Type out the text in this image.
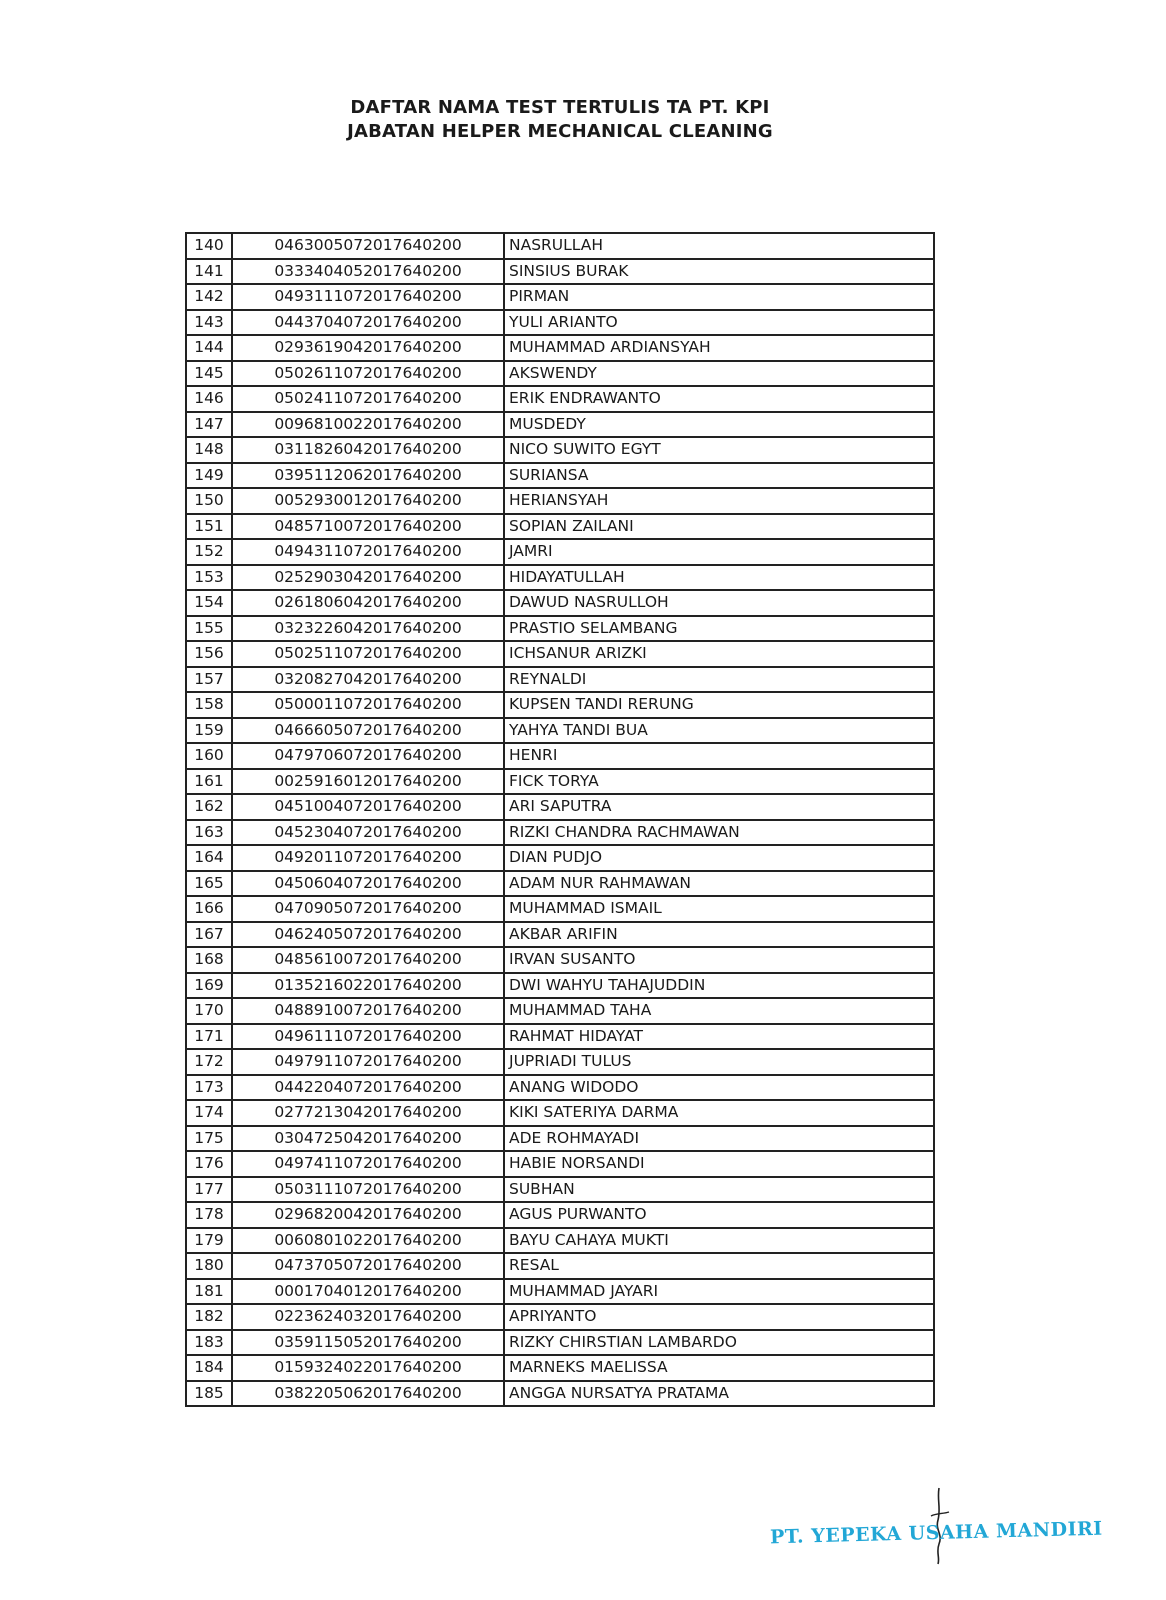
DAFTAR NAMA TEST TERTULIS TA PT. KPI
JABATAN HELPER MECHANICAL CLEANING
140	0463005072017640200	NASRULLAH
141	0333404052017640200	SINSIUS BURAK
142	0493111072017640200	PIRMAN
143	0443704072017640200	YULI ARIANTO
144	0293619042017640200	MUHAMMAD ARDIANSYAH
145	0502611072017640200	AKSWENDY
146	0502411072017640200	ERIK ENDRAWANTO
147	0096810022017640200	MUSDEDY
148	0311826042017640200	NICO SUWITO EGYT
149	0395112062017640200	SURIANSA
150	0052930012017640200	HERIANSYAH
151	0485710072017640200	SOPIAN ZAILANI
152	0494311072017640200	JAMRI
153	0252903042017640200	HIDAYATULLAH
154	0261806042017640200	DAWUD NASRULLOH
155	0323226042017640200	PRASTIO SELAMBANG
156	0502511072017640200	ICHSANUR ARIZKI
157	0320827042017640200	REYNALDI
158	0500011072017640200	KUPSEN TANDI RERUNG
159	0466605072017640200	YAHYA TANDI BUA
160	0479706072017640200	HENRI
161	0025916012017640200	FICK TORYA
162	0451004072017640200	ARI SAPUTRA
163	0452304072017640200	RIZKI CHANDRA RACHMAWAN
164	0492011072017640200	DIAN PUDJO
165	0450604072017640200	ADAM NUR RAHMAWAN
166	0470905072017640200	MUHAMMAD ISMAIL
167	0462405072017640200	AKBAR ARIFIN
168	0485610072017640200	IRVAN SUSANTO
169	0135216022017640200	DWI WAHYU TAHAJUDDIN
170	0488910072017640200	MUHAMMAD TAHA
171	0496111072017640200	RAHMAT HIDAYAT
172	0497911072017640200	JUPRIADI TULUS
173	0442204072017640200	ANANG WIDODO
174	0277213042017640200	KIKI SATERIYA DARMA
175	0304725042017640200	ADE ROHMAYADI
176	0497411072017640200	HABIE NORSANDI
177	0503111072017640200	SUBHAN
178	0296820042017640200	AGUS PURWANTO
179	0060801022017640200	BAYU CAHAYA MUKTI
180	0473705072017640200	RESAL
181	0001704012017640200	MUHAMMAD JAYARI
182	0223624032017640200	APRIYANTO
183	0359115052017640200	RIZKY CHIRSTIAN LAMBARDO
184	0159324022017640200	MARNEKS MAELISSA
185	0382205062017640200	ANGGA NURSATYA PRATAMA
PT. YEPEKA USAHA MANDIRI
